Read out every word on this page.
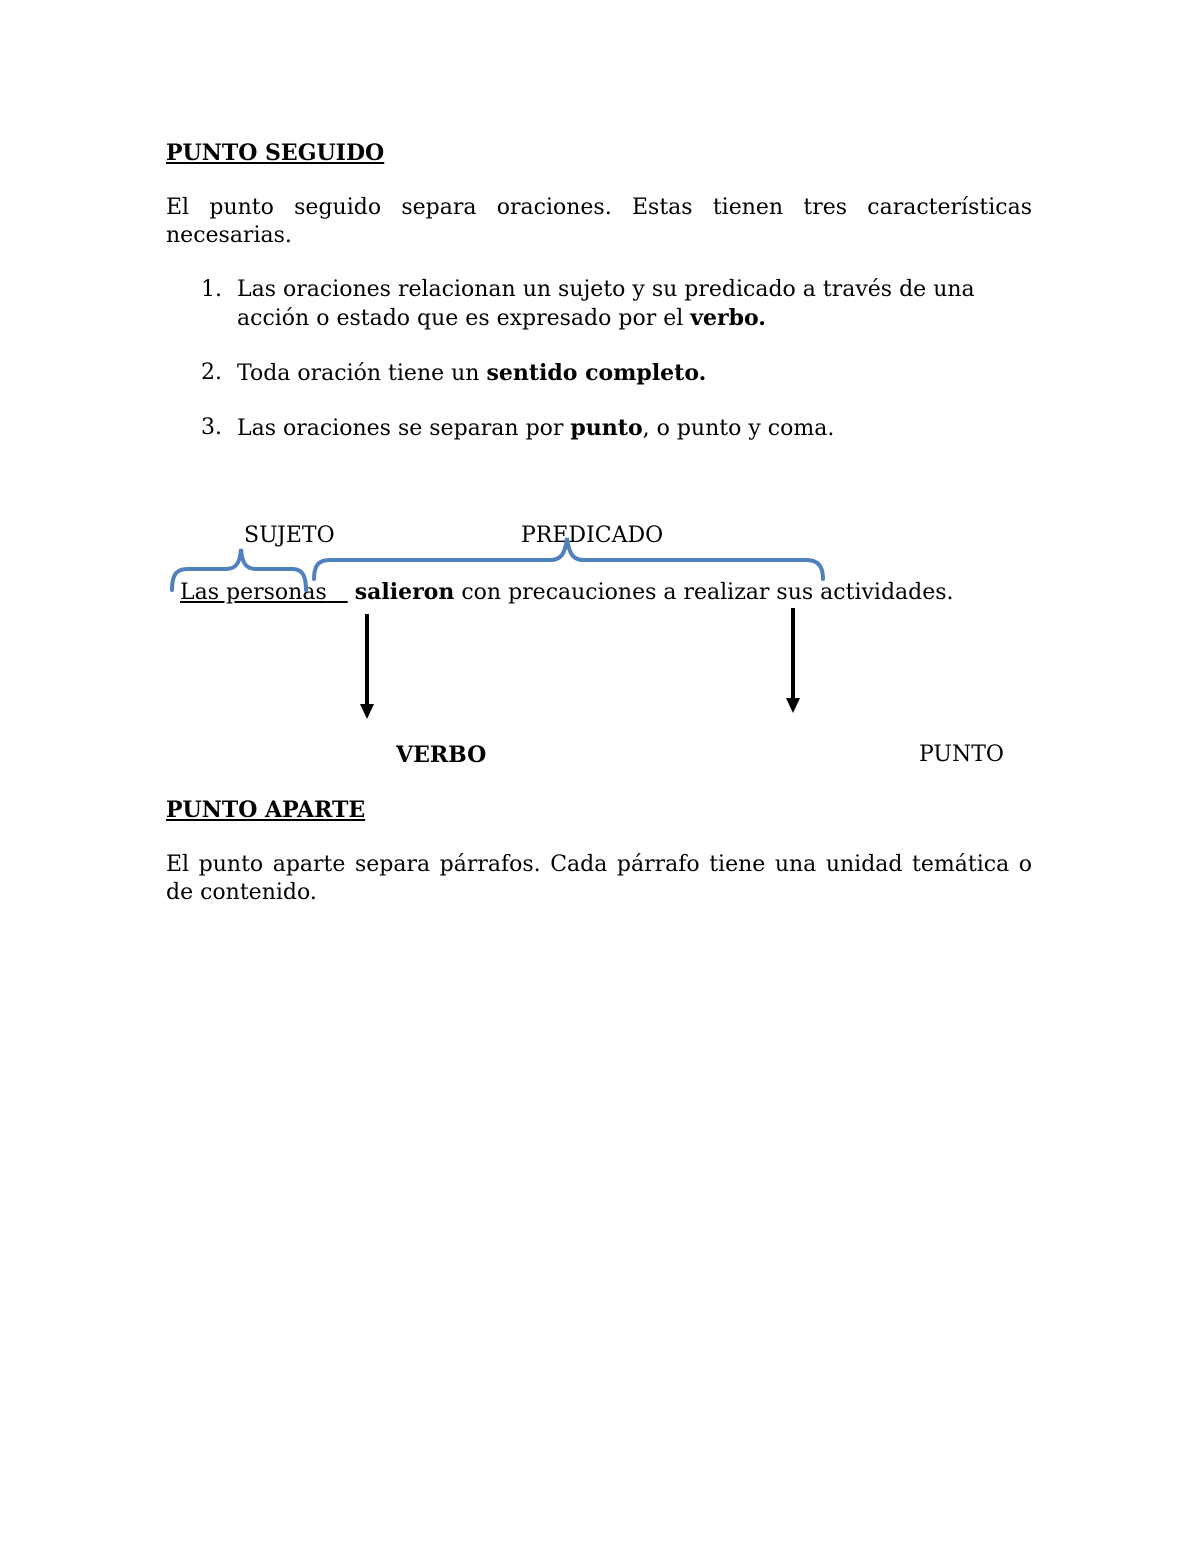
PUNTO SEGUIDO

El punto seguido separa oraciones. Estas tienen tres características necesarias.

1. Las oraciones relacionan un sujeto y su predicado a través de una acción o estado que es expresado por el verbo.

2. Toda oración tiene un sentido completo.

3. Las oraciones se separan por punto, o punto y coma.

SUJETO	PREDICADO
Las personas salieron con precauciones a realizar sus actividades.
VERBO	PUNTO
PUNTO APARTE

El punto aparte separa párrafos. Cada párrafo tiene una unidad temática o de contenido.
